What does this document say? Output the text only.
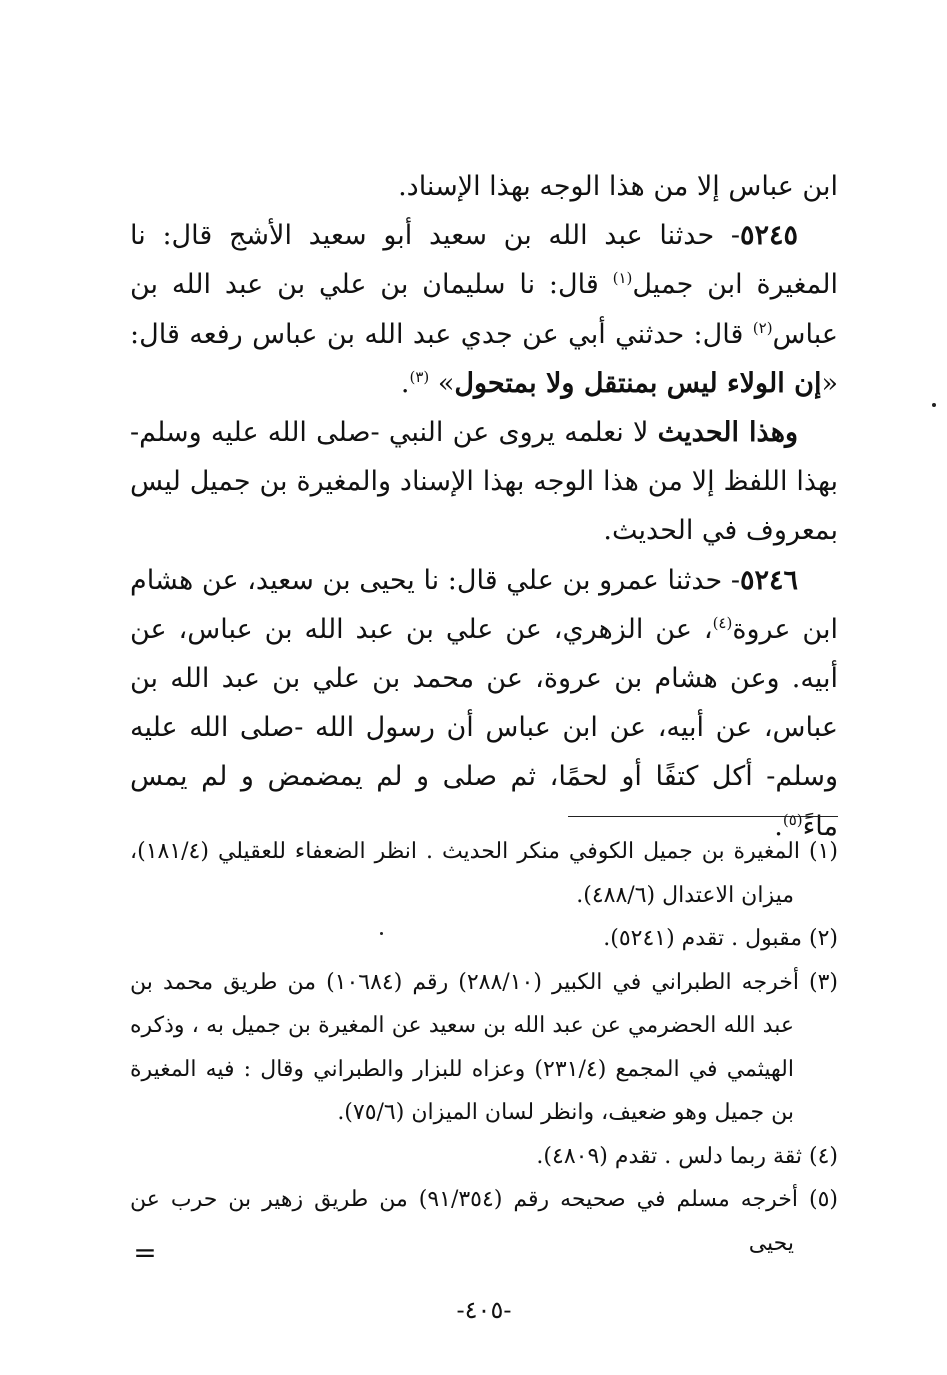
ابن عباس إلا من هذا الوجه بهذا الإسناد.

٥٢٤٥- حدثنا عبد الله بن سعيد أبو سعيد الأشج قال: نا المغيرة ابن جميل$^{(١)}$ قال: نا سليمان بن علي بن عبد الله بن عباس$^{(٢)}$ قال: حدثني أبي عن جدي عبد الله بن عباس رفعه قال: «إن الولاء ليس بمنتقل ولا بمتحول» $^{(٣)}$.

وهذا الحديث لا نعلمه يروى عن النبي -صلى الله عليه وسلم- بهذا اللفظ إلا من هذا الوجه بهذا الإسناد والمغيرة بن جميل ليس بمعروف في الحديث.

٥٢٤٦- حدثنا عمرو بن علي قال: نا يحيى بن سعيد، عن هشام ابن عروة$^{(٤)}$، عن الزهري، عن علي بن عبد الله بن عباس، عن أبيه. وعن هشام بن عروة، عن محمد بن علي بن عبد الله بن عباس، عن أبيه، عن ابن عباس أن رسول الله -صلى الله عليه وسلم- أكل كتفًا أو لحمًا، ثم صلى و لم يمضمض و لم يمس ماءً$^{(٥)}$.

(١) المغيرة بن جميل الكوفي منكر الحديث . انظر الضعفاء للعقيلي (١٨١/٤)، ميزان الاعتدال (٤٨٨/٦).

(٢) مقبول . تقدم (٥٢٤١).

(٣) أخرجه الطبراني في الكبير (٢٨٨/١٠) رقم (١٠٦٨٤) من طريق محمد بن عبد الله الحضرمي عن عبد الله بن سعيد عن المغيرة بن جميل به ، وذكره الهيثمي في المجمع (٢٣١/٤) وعزاه للبزار والطبراني وقال : فيه المغيرة بن جميل وهو ضعيف، وانظر لسان الميزان (٧٥/٦).

(٤) ثقة ربما دلس . تقدم (٤٨٠٩).

(٥) أخرجه مسلم في صحيحه رقم (٩١/٣٥٤) من طريق زهير بن حرب عن يحيى

=
-٤٠٥-
